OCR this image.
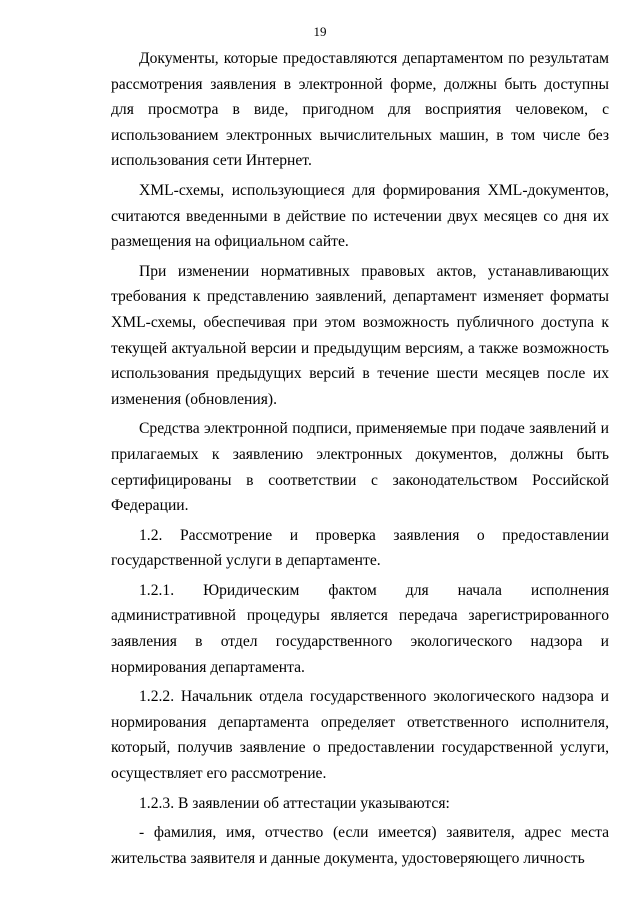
19

Документы, которые предоставляются департаментом по результатам рассмотрения заявления в электронной форме, должны быть доступны для просмотра в виде, пригодном для восприятия человеком, с использованием электронных вычислительных машин, в том числе без использования сети Интернет.

XML-схемы, использующиеся для формирования XML-документов, считаются введенными в действие по истечении двух месяцев со дня их размещения на официальном сайте.

При изменении нормативных правовых актов, устанавливающих требования к представлению заявлений, департамент изменяет форматы XML-схемы, обеспечивая при этом возможность публичного доступа к текущей актуальной версии и предыдущим версиям, а также возможность использования предыдущих версий в течение шести месяцев после их изменения (обновления).

Средства электронной подписи, применяемые при подаче заявлений и прилагаемых к заявлению электронных документов, должны быть сертифицированы в соответствии с законодательством Российской Федерации.

1.2. Рассмотрение и проверка заявления о предоставлении государственной услуги в департаменте.

1.2.1. Юридическим фактом для начала исполнения административной процедуры является передача зарегистрированного заявления в отдел государственного экологического надзора и нормирования департамента.

1.2.2. Начальник отдела государственного экологического надзора и нормирования департамента определяет ответственного исполнителя, который, получив заявление о предоставлении государственной услуги, осуществляет его рассмотрение.

1.2.3. В заявлении об аттестации указываются:

- фамилия, имя, отчество (если имеется) заявителя, адрес места жительства заявителя и данные документа, удостоверяющего личность
